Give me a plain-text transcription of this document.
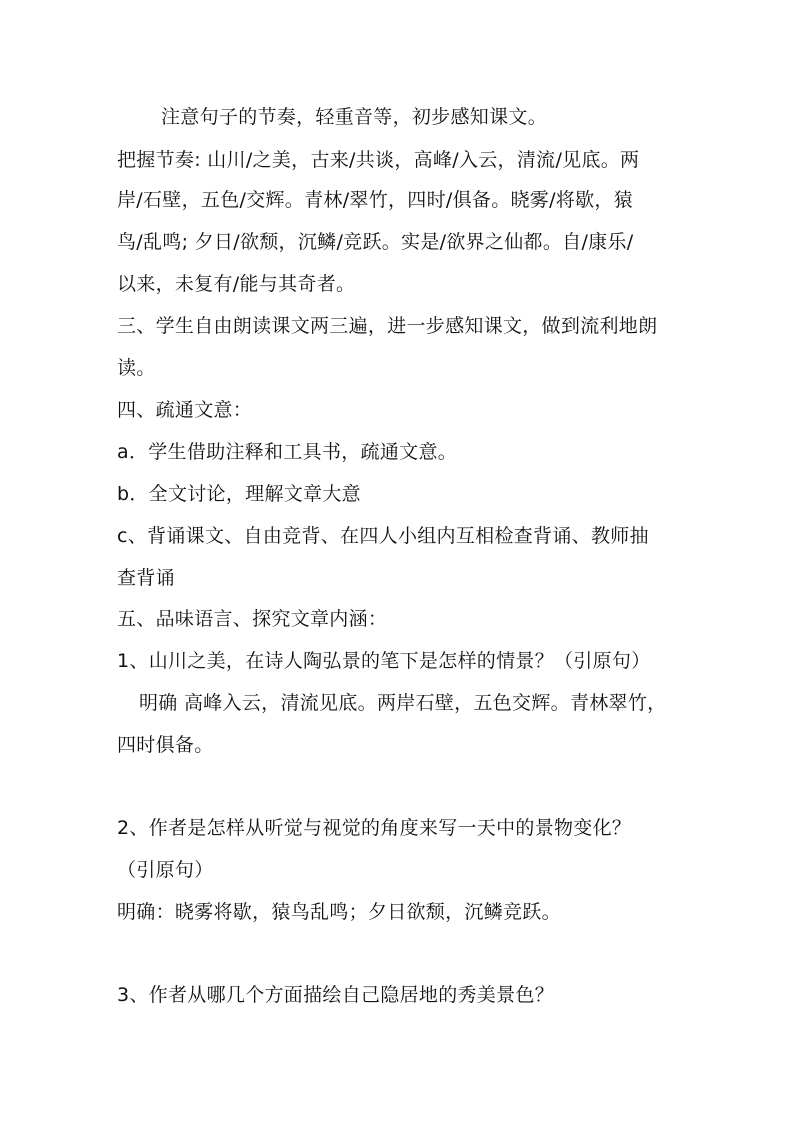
注意句子的节奏，轻重音等，初步感知课文。
把握节奏: 山川/之美，古来/共谈，高峰/入云，清流/见底。两
岸/石壁，五色/交辉。青林/翠竹，四时/俱备。晓雾/将歇，猿
鸟/乱鸣; 夕日/欲颓，沉鳞/竞跃。实是/欲界之仙都。自/康乐/
以来，未复有/能与其奇者。
三、学生自由朗读课文两三遍，进一步感知课文，做到流利地朗
读。
四、疏通文意：
a．学生借助注释和工具书，疏通文意。
b．全文讨论，理解文章大意
c、背诵课文、自由竞背、在四人小组内互相检查背诵、教师抽
查背诵
五、品味语言、探究文章内涵：
1、山川之美，在诗人陶弘景的笔下是怎样的情景？（引原句）
明确 高峰入云，清流见底。两岸石壁，五色交辉。青林翠竹，
四时俱备。
2、作者是怎样从听觉与视觉的角度来写一天中的景物变化？
（引原句）
明确：晓雾将歇，猿鸟乱鸣；夕日欲颓，沉鳞竞跃。
3、作者从哪几个方面描绘自己隐居地的秀美景色？
